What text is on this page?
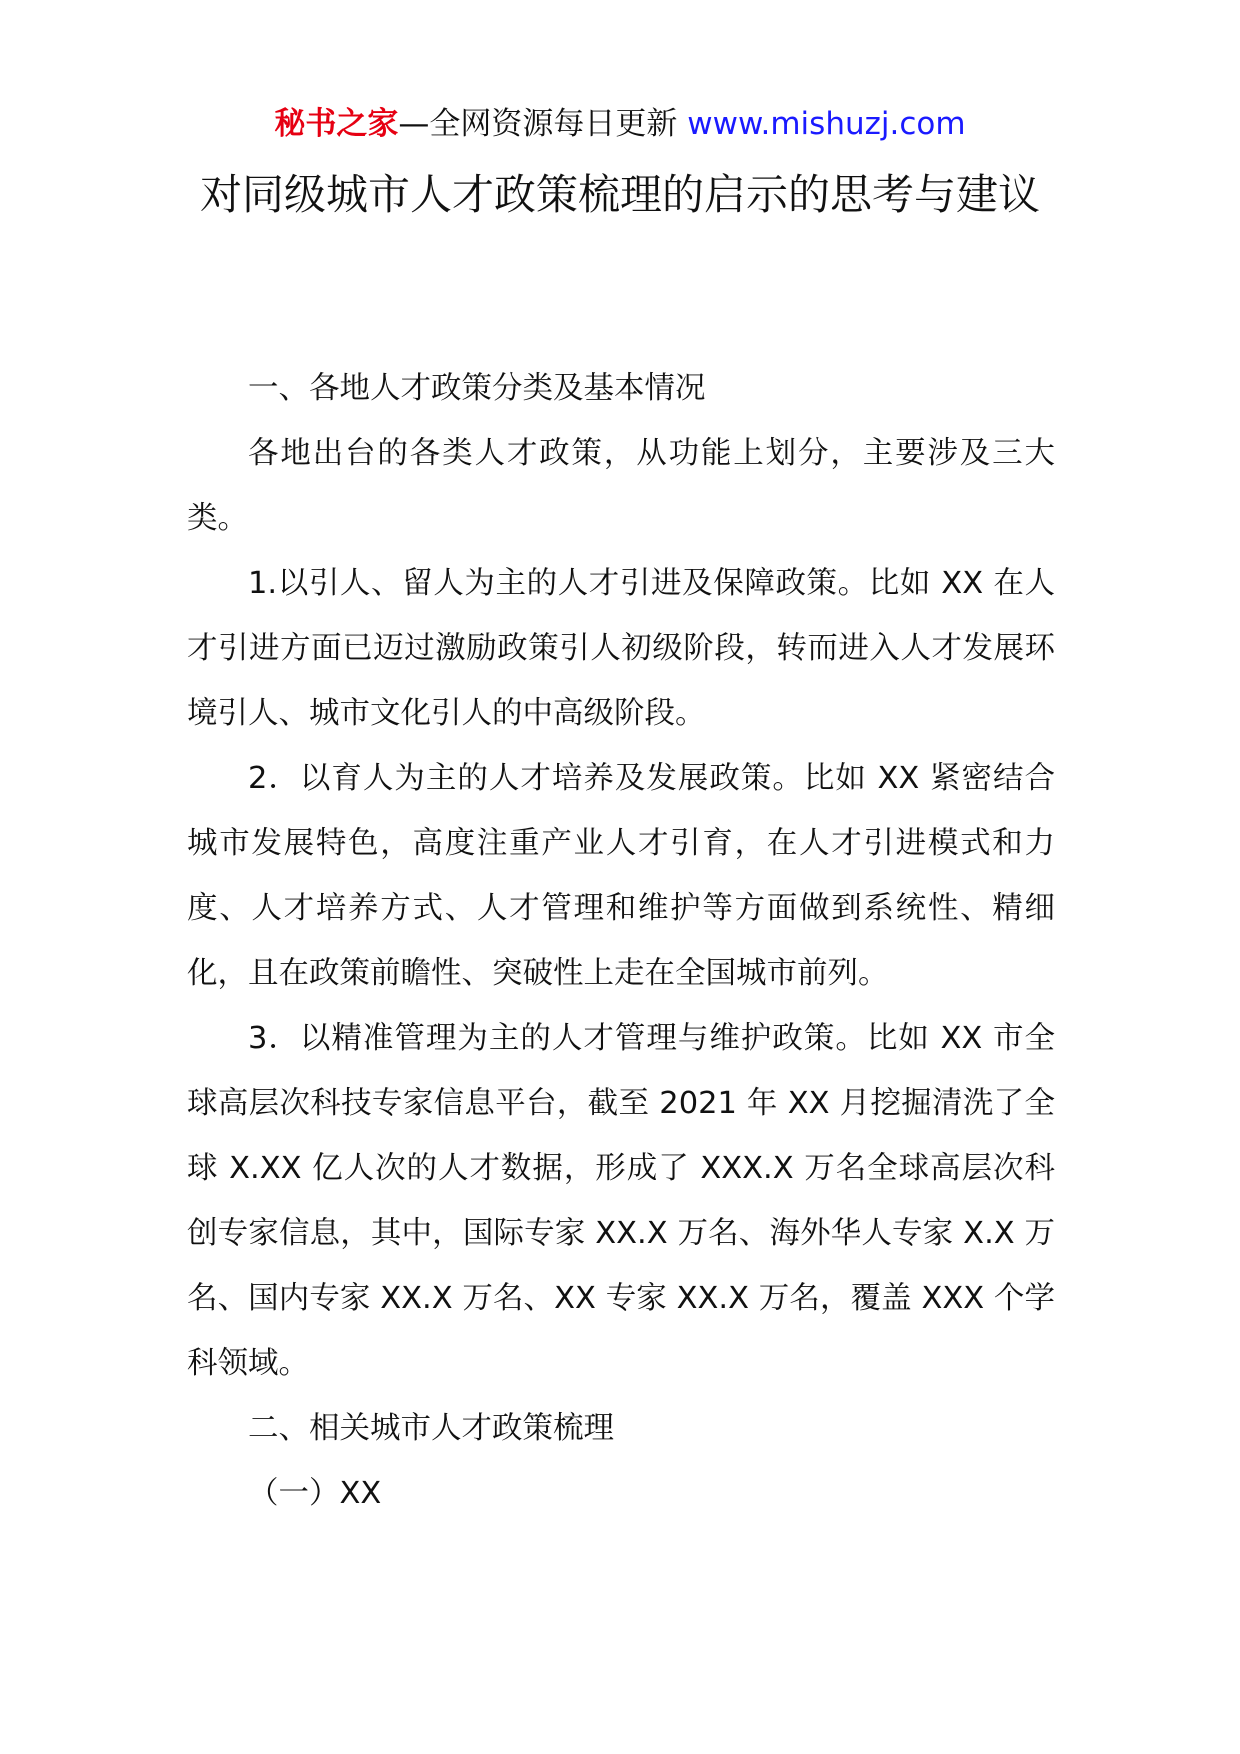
秘书之家—全网资源每日更新 www.mishuzj.com
对同级城市人才政策梳理的启示的思考与建议

一、各地人才政策分类及基本情况

各地出台的各类人才政策，从功能上划分，主要涉及三大类。

1.以引人、留人为主的人才引进及保障政策。比如 XX 在人才引进方面已迈过激励政策引人初级阶段，转而进入人才发展环境引人、城市文化引人的中高级阶段。

2．以育人为主的人才培养及发展政策。比如 XX 紧密结合城市发展特色，高度注重产业人才引育，在人才引进模式和力度、人才培养方式、人才管理和维护等方面做到系统性、精细化，且在政策前瞻性、突破性上走在全国城市前列。

3．以精准管理为主的人才管理与维护政策。比如 XX 市全球高层次科技专家信息平台，截至 2021 年 XX 月挖掘清洗了全球 X.XX 亿人次的人才数据，形成了 XXX.X 万名全球高层次科创专家信息，其中，国际专家 XX.X 万名、海外华人专家 X.X 万名、国内专家 XX.X 万名、XX 专家 XX.X 万名，覆盖 XXX 个学科领域。

二、相关城市人才政策梳理

（一）XX
